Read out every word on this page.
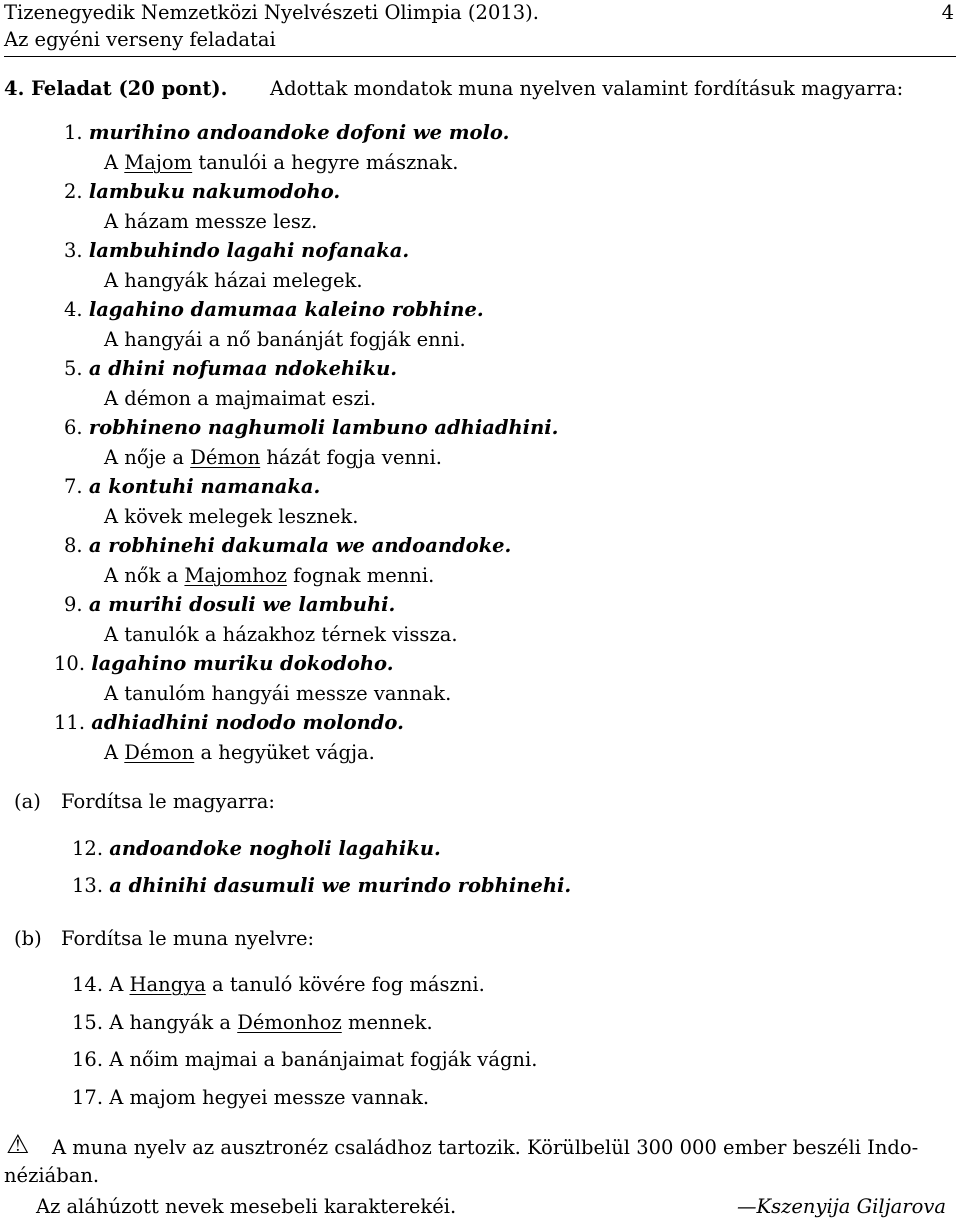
Tizenegyedik Nemzetközi Nyelvészeti Olimpia (2013).
Az egyéni verseny feladatai
4
4. Feladat (20 pont). Adottak mondatok muna nyelven valamint fordításuk magyarra:
1. murihino andoandoke dofoni we molo.
A Majom tanulói a hegyre másznak.
2. lambuku nakumodoho.
A házam messze lesz.
3. lambuhindo lagahi nofanaka.
A hangyák házai melegek.
4. lagahino damumaa kaleino robhine.
A hangyái a nő banánját fogják enni.
5. a dhini nofumaa ndokehiku.
A démon a majmaimat eszi.
6. robhineno naghumoli lambuno adhiadhini.
A nője a Démon házát fogja venni.
7. a kontuhi namanaka.
A kövek melegek lesznek.
8. a robhinehi dakumala we andoandoke.
A nők a Majomhoz fognak menni.
9. a murihi dosuli we lambuhi.
A tanulók a házakhoz térnek vissza.
10. lagahino muriku dokodoho.
A tanulóm hangyái messze vannak.
11. adhiadhini nododo molondo.
A Démon a hegyüket vágja.
(a) Fordítsa le magyarra:
12. andoandoke nogholi lagahiku.
13. a dhinihi dasumuli we murindo robhinehi.
(b) Fordítsa le muna nyelvre:
14. A Hangya a tanuló kövére fog mászni.
15. A hangyák a Démonhoz mennek.
16. A nőim majmai a banánjaimat fogják vágni.
17. A majom hegyei messze vannak.
⚠ A muna nyelv az ausztronéz családhoz tartozik. Körülbelül 300 000 ember beszéli Indo-
néziában.
Az aláhúzott nevek mesebeli karakterekéi.	—Kszenyija Giljarova
